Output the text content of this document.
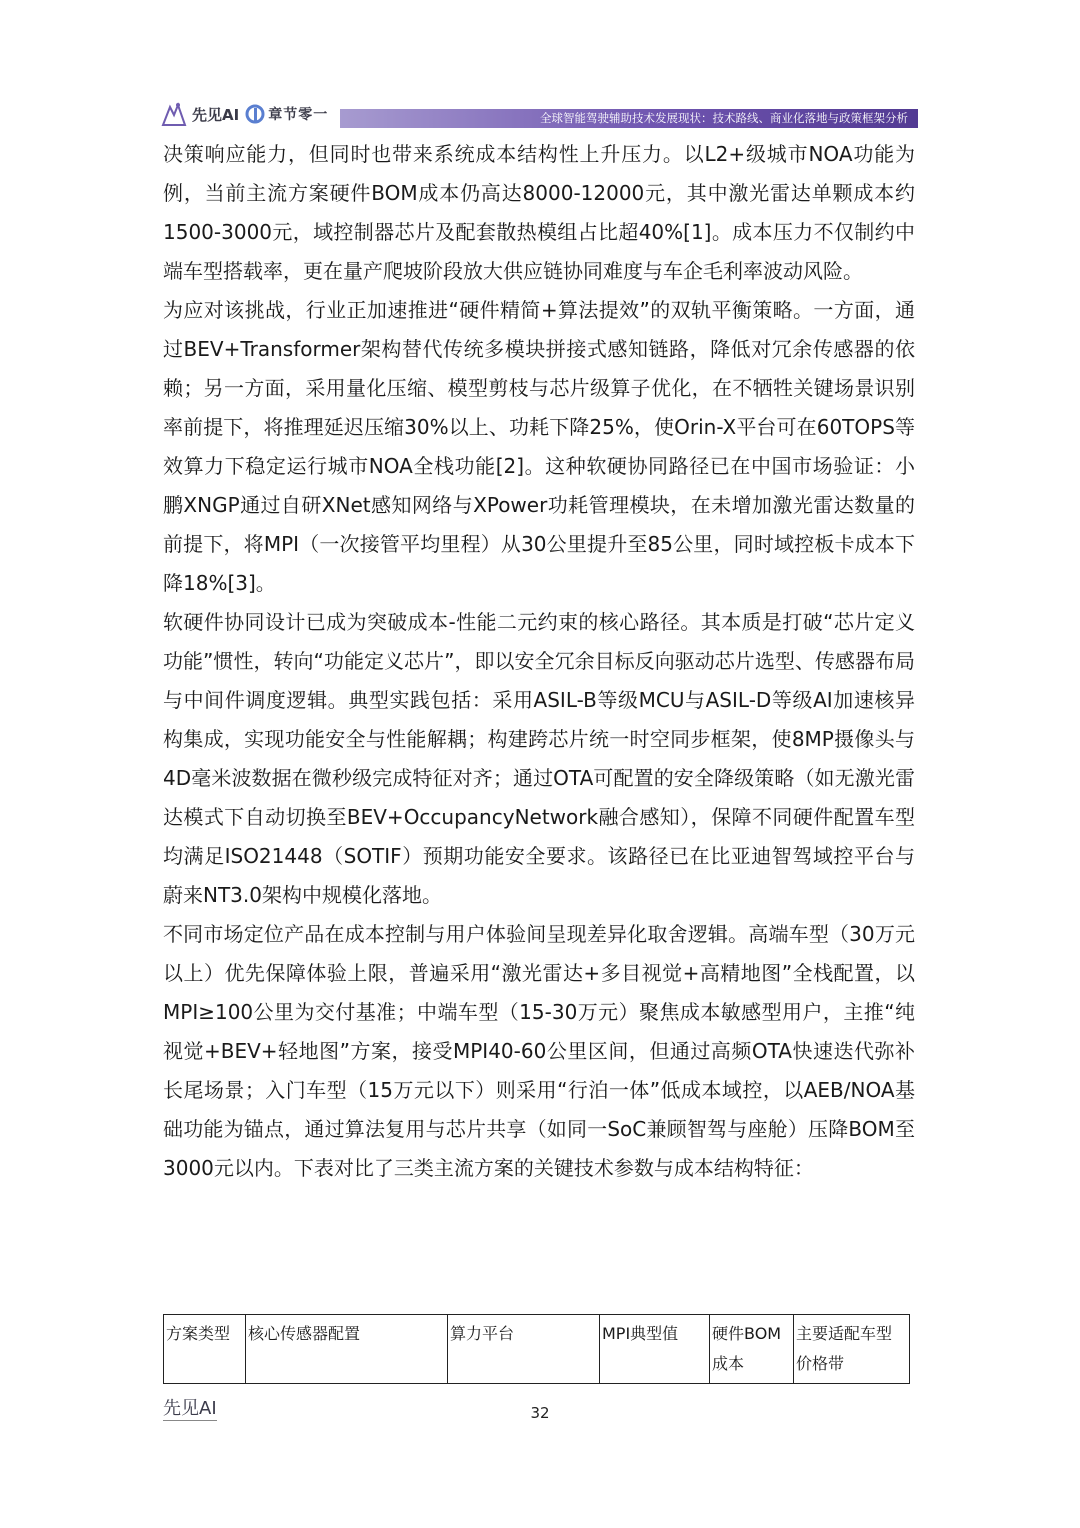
先见AI 章节零一	全球智能驾驶辅助技术发展现状：技术路线、商业化落地与政策框架分析

决策响应能力，但同时也带来系统成本结构性上升压力。以L2+级城市NOA功能为例，当前主流方案硬件BOM成本仍高达8000-12000元，其中激光雷达单颗成本约1500-3000元，域控制器芯片及配套散热模组占比超40%[1]。成本压力不仅制约中端车型搭载率，更在量产爬坡阶段放大供应链协同难度与车企毛利率波动风险。

为应对该挑战，行业正加速推进“硬件精简+算法提效”的双轨平衡策略。一方面，通过BEV+Transformer架构替代传统多模块拼接式感知链路，降低对冗余传感器的依赖；另一方面，采用量化压缩、模型剪枝与芯片级算子优化，在不牺牲关键场景识别率前提下，将推理延迟压缩30%以上、功耗下降25%，使Orin-X平台可在60TOPS等效算力下稳定运行城市NOA全栈功能[2]。这种软硬协同路径已在中国市场验证：小鹏XNGP通过自研XNet感知网络与XPower功耗管理模块，在未增加激光雷达数量的前提下，将MPI（一次接管平均里程）从30公里提升至85公里，同时域控板卡成本下降18%[3]。

软硬件协同设计已成为突破成本-性能二元约束的核心路径。其本质是打破“芯片定义功能”惯性，转向“功能定义芯片”，即以安全冗余目标反向驱动芯片选型、传感器布局与中间件调度逻辑。典型实践包括：采用ASIL-B等级MCU与ASIL-D等级AI加速核异构集成，实现功能安全与性能解耦；构建跨芯片统一时空同步框架，使8MP摄像头与4D毫米波数据在微秒级完成特征对齐；通过OTA可配置的安全降级策略（如无激光雷达模式下自动切换至BEV+OccupancyNetwork融合感知），保障不同硬件配置车型均满足ISO21448（SOTIF）预期功能安全要求。该路径已在比亚迪智驾域控平台与蔚来NT3.0架构中规模化落地。

不同市场定位产品在成本控制与用户体验间呈现差异化取舍逻辑。高端车型（30万元以上）优先保障体验上限，普遍采用“激光雷达+多目视觉+高精地图”全栈配置，以MPI≥100公里为交付基准；中端车型（15-30万元）聚焦成本敏感型用户，主推“纯视觉+BEV+轻地图”方案，接受MPI40-60公里区间，但通过高频OTA快速迭代弥补长尾场景；入门车型（15万元以下）则采用“行泊一体”低成本域控，以AEB/NOA基础功能为锚点，通过算法复用与芯片共享（如同一SoC兼顾智驾与座舱）压降BOM至3000元以内。下表对比了三类主流方案的关键技术参数与成本结构特征：

方案类型	核心传感器配置	算力平台	MPI典型值	硬件BOM成本	主要适配车型价格带
先见AI	32
